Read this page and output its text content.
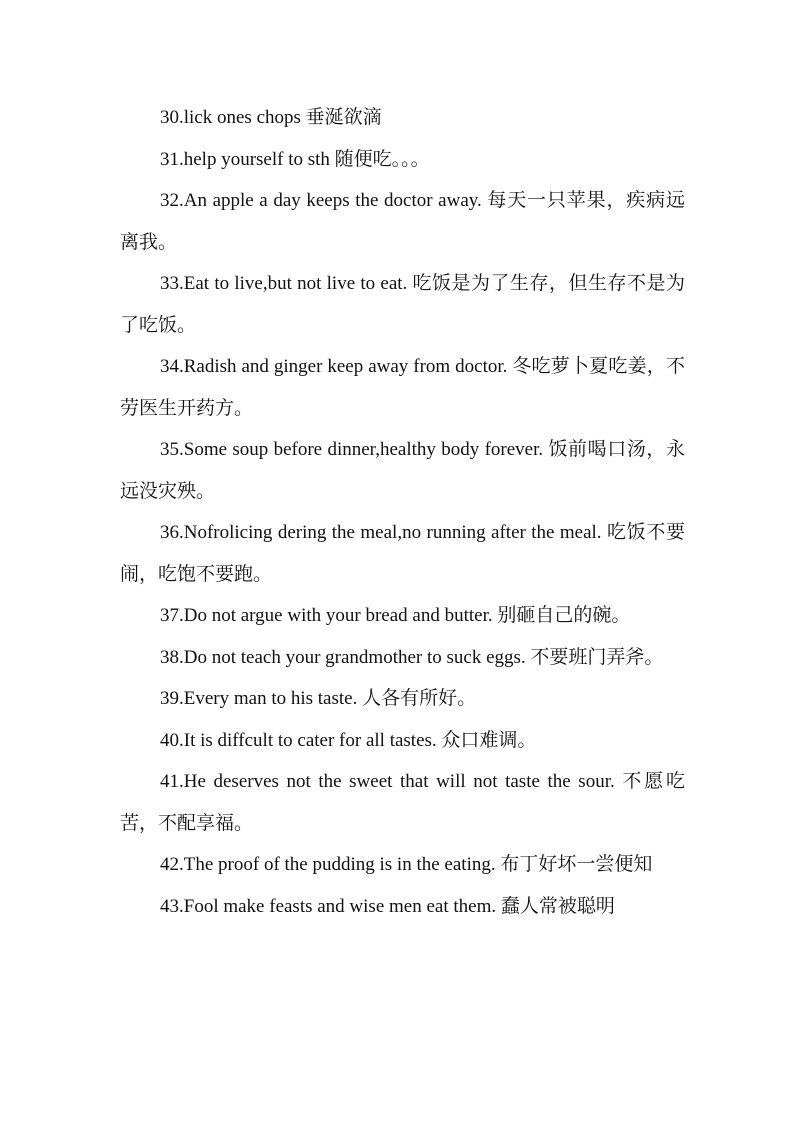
30.lick ones chops 垂涎欲滴

31.help yourself to sth 随便吃。。。

32.An apple a day keeps the doctor away. 每天一只苹果，疾病远离我。

33.Eat to live,but not live to eat. 吃饭是为了生存，但生存不是为了吃饭。

34.Radish and ginger keep away from doctor. 冬吃萝卜夏吃姜，不劳医生开药方。

35.Some soup before dinner,healthy body forever. 饭前喝口汤，永远没灾殃。

36.Nofrolicing dering the meal,no running after the meal. 吃饭不要闹，吃饱不要跑。

37.Do not argue with your bread and butter. 别砸自己的碗。

38.Do not teach your grandmother to suck eggs. 不要班门弄斧。

39.Every man to his taste. 人各有所好。

40.It is diffcult to cater for all tastes. 众口难调。

41.He deserves not the sweet that will not taste the sour. 不愿吃苦，不配享福。

42.The proof of the pudding is in the eating. 布丁好坏一尝便知

43.Fool make feasts and wise men eat them. 蠢人常被聪明
